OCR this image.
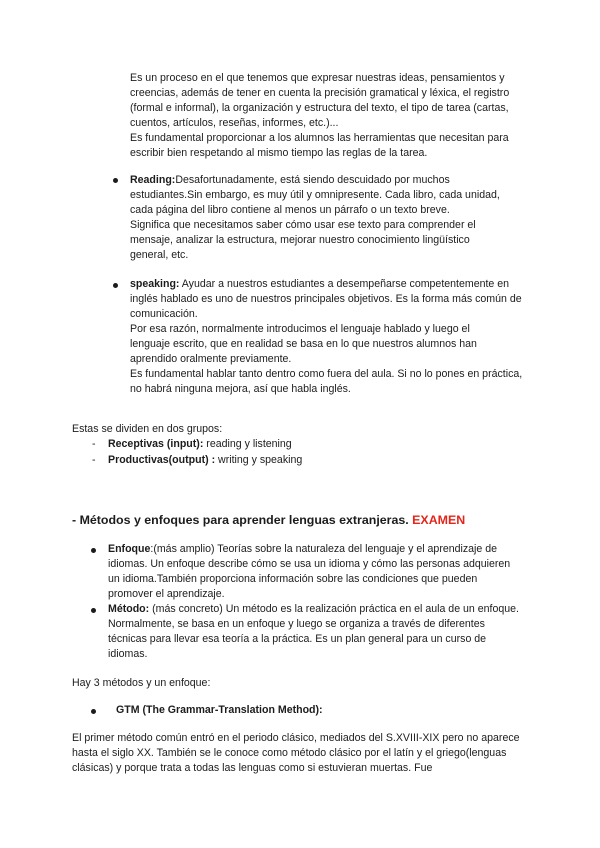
Es un proceso en el que tenemos que expresar nuestras ideas, pensamientos y creencias, además de tener en cuenta la precisión gramatical y léxica, el registro (formal e informal), la organización y estructura del texto, el tipo de tarea (cartas, cuentos, artículos, reseñas, informes, etc.)...

Es fundamental proporcionar a los alumnos las herramientas que necesitan para escribir bien respetando al mismo tiempo las reglas de la tarea.

Reading:Desafortunadamente, está siendo descuidado por muchos estudiantes.Sin embargo, es muy útil y omnipresente. Cada libro, cada unidad, cada página del libro contiene al menos un párrafo o un texto breve.

Significa que necesitamos saber cómo usar ese texto para comprender el mensaje, analizar la estructura, mejorar nuestro conocimiento lingüístico general, etc.

speaking: Ayudar a nuestros estudiantes a desempeñarse competentemente en inglés hablado es uno de nuestros principales objetivos. Es la forma más común de comunicación.

Por esa razón, normalmente introducimos el lenguaje hablado y luego el lenguaje escrito, que en realidad se basa en lo que nuestros alumnos han aprendido oralmente previamente.

Es fundamental hablar tanto dentro como fuera del aula. Si no lo pones en práctica, no habrá ninguna mejora, así que habla inglés.

Estas se dividen en dos grupos:

- Receptivas (input): reading y listening

- Productivas(output) : writing y speaking

- Métodos y enfoques para aprender lenguas extranjeras. EXAMEN

Enfoque:(más amplio) Teorías sobre la naturaleza del lenguaje y el aprendizaje de idiomas. Un enfoque describe cómo se usa un idioma y cómo las personas adquieren un idioma.También proporciona información sobre las condiciones que pueden promover el aprendizaje.

Método: (más concreto) Un método es la realización práctica en el aula de un enfoque. Normalmente, se basa en un enfoque y luego se organiza a través de diferentes técnicas para llevar esa teoría a la práctica. Es un plan general para un curso de idiomas.

Hay 3 métodos y un enfoque:

GTM (The Grammar-Translation Method):

El primer método común entró en el periodo clásico, mediados del S.XVIII-XIX pero no aparece hasta el siglo XX. También se le conoce como método clásico por el latín y el griego(lenguas clásicas) y porque trata a todas las lenguas como si estuvieran muertas. Fue
